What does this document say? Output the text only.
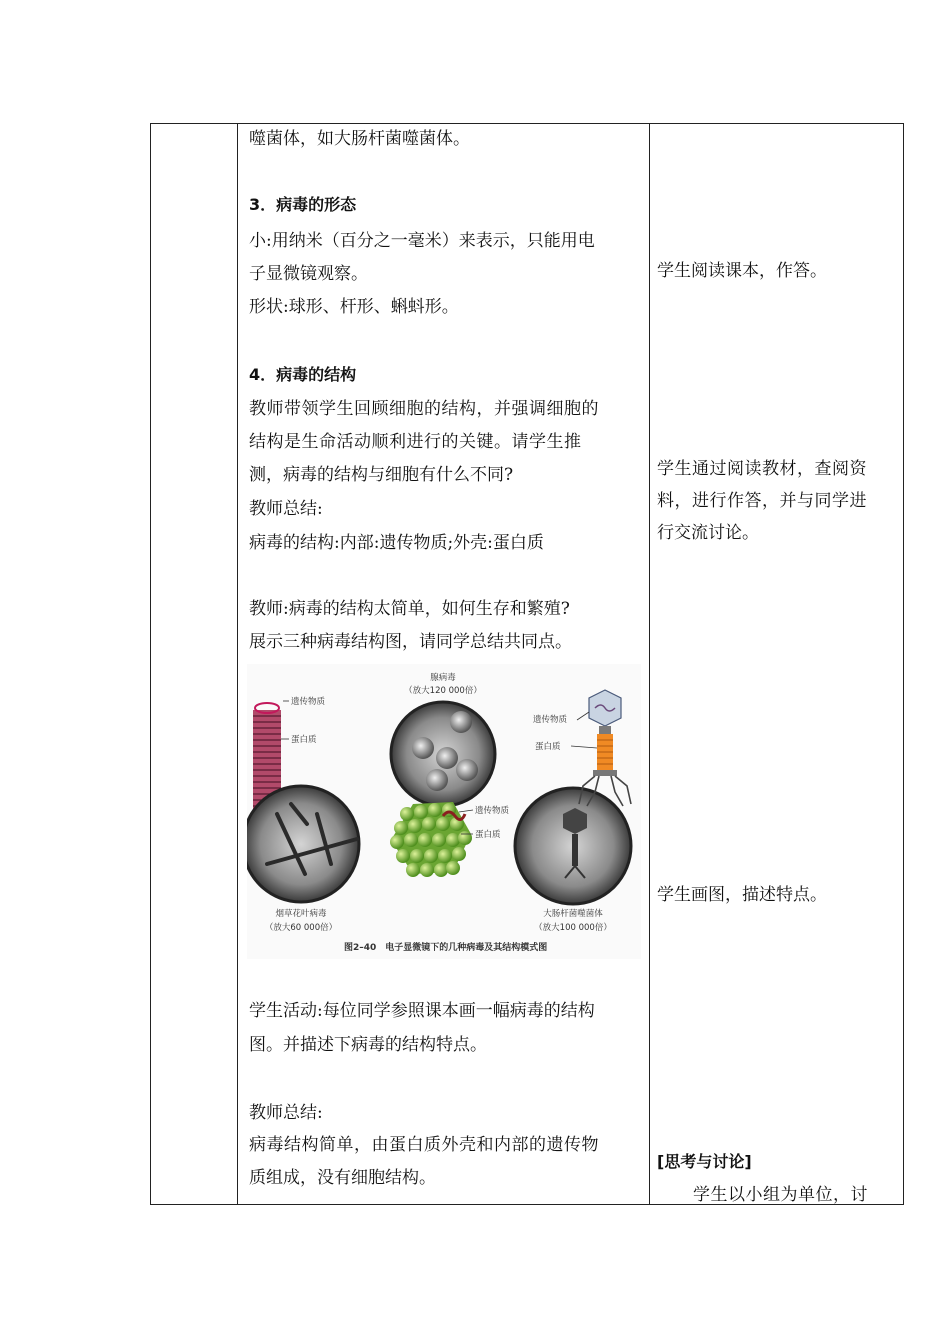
噬菌体，如大肠杆菌噬菌体。
3．病毒的形态
小:用纳米（百分之一毫米）来表示，只能用电
子显微镜观察。
形状:球形、杆形、蝌蚪形。
4．病毒的结构
教师带领学生回顾细胞的结构，并强调细胞的
结构是生命活动顺利进行的关键。请学生推
测，病毒的结构与细胞有什么不同?
教师总结:
病毒的结构:内部:遗传物质;外壳:蛋白质
教师:病毒的结构太简单，如何生存和繁殖?
展示三种病毒结构图，请同学总结共同点。
学生活动:每位同学参照课本画一幅病毒的结构
图。并描述下病毒的结构特点。
教师总结:
病毒结构简单，由蛋白质外壳和内部的遗传物
质组成，没有细胞结构。
腺病毒
（放大120 000倍）
遗传物质
蛋白质
烟草花叶病毒
（放大60 000倍）
遗传物质
蛋白质
大肠杆菌噬菌体
（放大100 000倍）
遗传物质
蛋白质
图2–40　电子显微镜下的几种病毒及其结构模式图
学生阅读课本，作答。
学生通过阅读教材，查阅资
料，进行作答，并与同学进
行交流讨论。
学生画图，描述特点。
[思考与讨论]
学生以小组为单位，讨
